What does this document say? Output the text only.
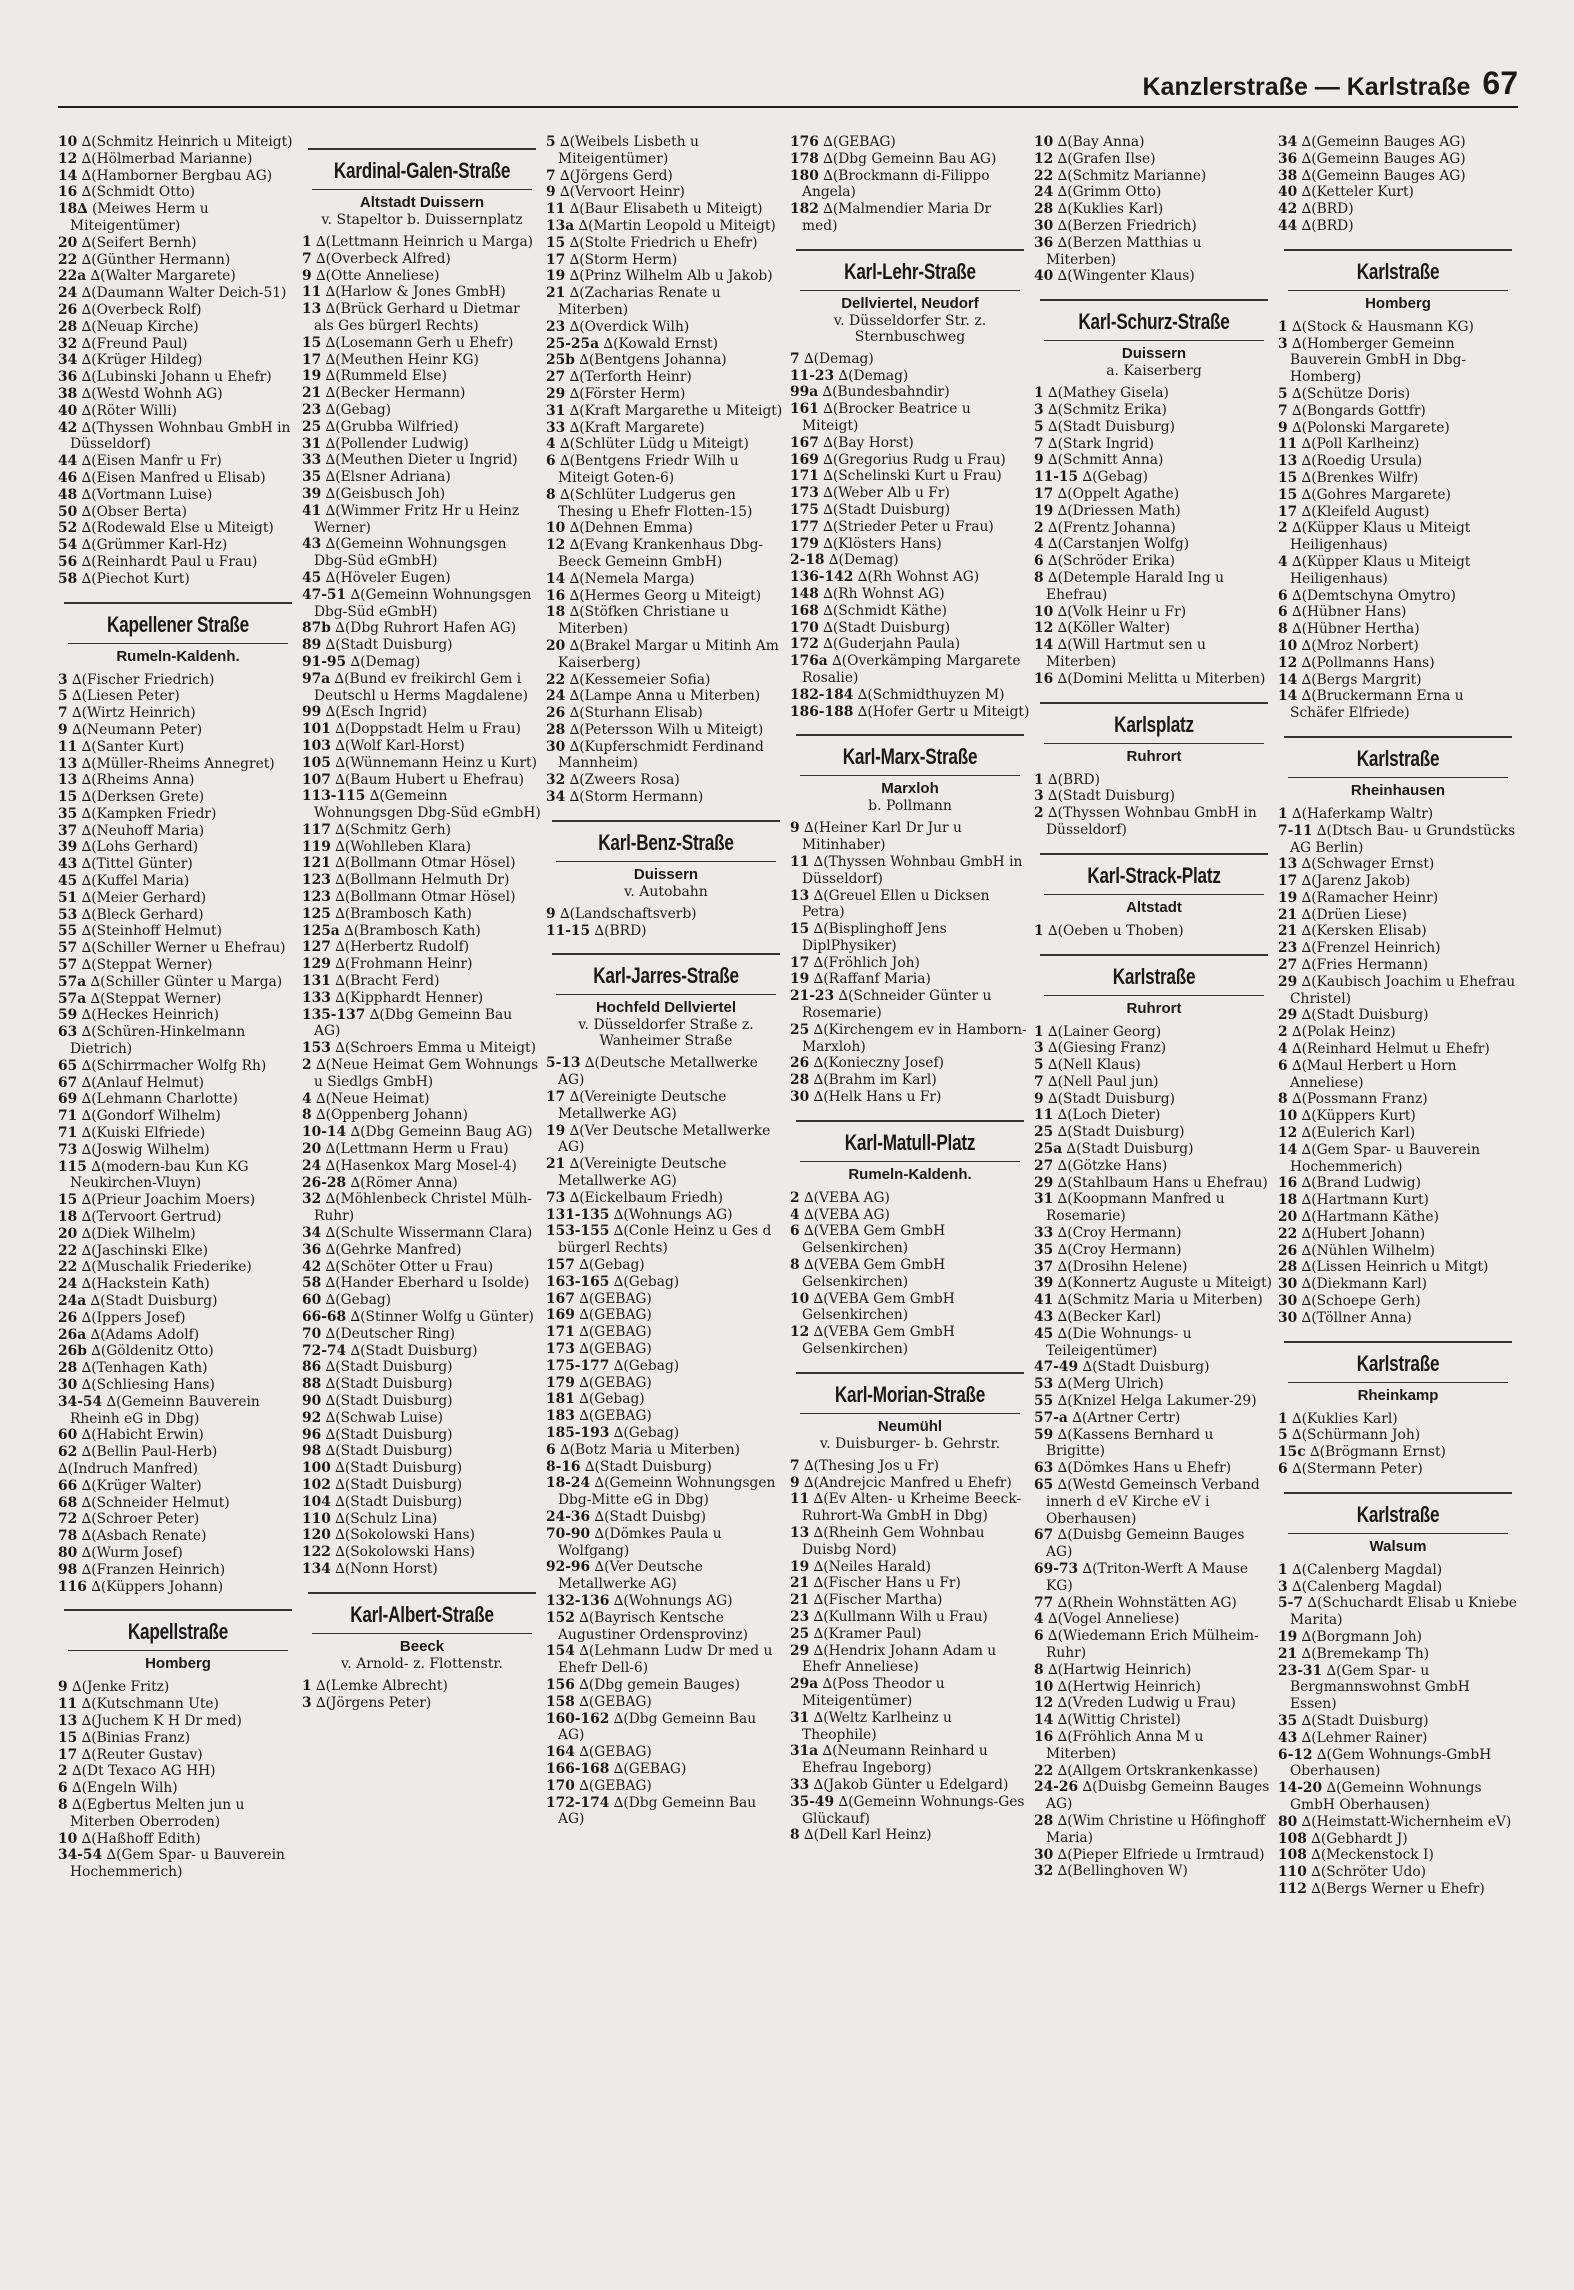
Kanzlerstraße — Karlstraße 67
10 ∆(Schmitz Heinrich u Miteigt)
12 ∆(Hölmerbad Marianne)
14 ∆(Hamborner Bergbau AG)
16 ∆(Schmidt Otto)
18∆ (Meiwes Herm u Miteigentümer)
20 ∆(Seifert Bernh)
22 ∆(Günther Hermann)
22a ∆(Walter Margarete)
24 ∆(Daumann Walter Deich-51)
26 ∆(Overbeck Rolf)
28 ∆(Neuap Kirche)
32 ∆(Freund Paul)
34 ∆(Krüger Hildeg)
36 ∆(Lubinski Johann u Ehefr)
38 ∆(Westd Wohnh AG)
40 ∆(Röter Willi)
42 ∆(Thyssen Wohnbau GmbH in Düsseldorf)
44 ∆(Eisen Manfr u Fr)
46 ∆(Eisen Manfred u Elisab)
48 ∆(Vortmann Luise)
50 ∆(Obser Berta)
52 ∆(Rodewald Else u Miteigt)
54 ∆(Grümmer Karl-Hz)
56 ∆(Reinhardt Paul u Frau)
58 ∆(Piechot Kurt)
Kapellener Straße
Rumeln-Kaldenh.
3 ∆(Fischer Friedrich)
5 ∆(Liesen Peter)
7 ∆(Wirtz Heinrich)
9 ∆(Neumann Peter)
11 ∆(Santer Kurt)
13 ∆(Müller-Rheims Annegret)
13 ∆(Rheims Anna)
15 ∆(Derksen Grete)
35 ∆(Kampken Friedr)
37 ∆(Neuhoff Maria)
39 ∆(Lohs Gerhard)
43 ∆(Tittel Günter)
45 ∆(Kuffel Maria)
51 ∆(Meier Gerhard)
53 ∆(Bleck Gerhard)
55 ∆(Steinhoff Helmut)
57 ∆(Schiller Werner u Ehefrau)
57 ∆(Steppat Werner)
57a ∆(Schiller Günter u Marga)
57a ∆(Steppat Werner)
59 ∆(Heckes Heinrich)
63 ∆(Schüren-Hinkelmann Dietrich)
65 ∆(Schirrmacher Wolfg Rh)
67 ∆(Anlauf Helmut)
69 ∆(Lehmann Charlotte)
71 ∆(Gondorf Wilhelm)
71 ∆(Kuiski Elfriede)
73 ∆(Joswig Wilhelm)
115 ∆(modern-bau Kun KG Neukirchen-Vluyn)
15 ∆(Prieur Joachim Moers)
18 ∆(Tervoort Gertrud)
20 ∆(Diek Wilhelm)
22 ∆(Jaschinski Elke)
22 ∆(Muschalik Friederike)
24 ∆(Hackstein Kath)
24a ∆(Stadt Duisburg)
26 ∆(Ippers Josef)
26a ∆(Adams Adolf)
26b ∆(Göldenitz Otto)
28 ∆(Tenhagen Kath)
30 ∆(Schliesing Hans)
34-54 ∆(Gemeinn Bauverein Rheinh eG in Dbg)
60 ∆(Habicht Erwin)
62 ∆(Bellin Paul-Herb)
∆(Indruch Manfred)
66 ∆(Krüger Walter)
68 ∆(Schneider Helmut)
72 ∆(Schroer Peter)
78 ∆(Asbach Renate)
80 ∆(Wurm Josef)
98 ∆(Franzen Heinrich)
116 ∆(Küppers Johann)
Kapellstraße
Homberg
9 ∆(Jenke Fritz)
11 ∆(Kutschmann Ute)
13 ∆(Juchem K H Dr med)
15 ∆(Binias Franz)
17 ∆(Reuter Gustav)
2 ∆(Dt Texaco AG HH)
6 ∆(Engeln Wilh)
8 ∆(Egbertus Melten jun u Miterben Oberroden)
10 ∆(Haßhoff Edith)
34-54 ∆(Gem Spar- u Bauverein Hochemmerich)
Kardinal-Galen-Straße
Altstadt Duissern
v. Stapeltor b. Duissernplatz
1 ∆(Lettmann Heinrich u Marga)
7 ∆(Overbeck Alfred)
9 ∆(Otte Anneliese)
11 ∆(Harlow & Jones GmbH)
13 ∆(Brück Gerhard u Dietmar als Ges bürgerl Rechts)
15 ∆(Losemann Gerh u Ehefr)
17 ∆(Meuthen Heinr KG)
19 ∆(Rummeld Else)
21 ∆(Becker Hermann)
23 ∆(Gebag)
25 ∆(Grubba Wilfried)
31 ∆(Pollender Ludwig)
33 ∆(Meuthen Dieter u Ingrid)
35 ∆(Elsner Adriana)
39 ∆(Geisbusch Joh)
41 ∆(Wimmer Fritz Hr u Heinz Werner)
43 ∆(Gemeinn Wohnungsgen Dbg-Süd eGmbH)
45 ∆(Höveler Eugen)
47-51 ∆(Gemeinn Wohnungsgen Dbg-Süd eGmbH)
87b ∆(Dbg Ruhrort Hafen AG)
89 ∆(Stadt Duisburg)
91-95 ∆(Demag)
97a ∆(Bund ev freikirchl Gem i Deutschl u Herms Magdalene)
99 ∆(Esch Ingrid)
101 ∆(Doppstadt Helm u Frau)
103 ∆(Wolf Karl-Horst)
105 ∆(Wünnemann Heinz u Kurt)
107 ∆(Baum Hubert u Ehefrau)
113-115 ∆(Gemeinn Wohnungsgen Dbg-Süd eGmbH)
117 ∆(Schmitz Gerh)
119 ∆(Wohlleben Klara)
121 ∆(Bollmann Otmar Hösel)
123 ∆(Bollmann Helmuth Dr)
123 ∆(Bollmann Otmar Hösel)
125 ∆(Brambosch Kath)
125a ∆(Brambosch Kath)
127 ∆(Herbertz Rudolf)
129 ∆(Frohmann Heinr)
131 ∆(Bracht Ferd)
133 ∆(Kipphardt Henner)
135-137 ∆(Dbg Gemeinn Bau AG)
153 ∆(Schroers Emma u Miteigt)
2 ∆(Neue Heimat Gem Wohnungs u Siedlgs GmbH)
4 ∆(Neue Heimat)
8 ∆(Oppenberg Johann)
10-14 ∆(Dbg Gemeinn Baug AG)
20 ∆(Lettmann Herm u Frau)
24 ∆(Hasenkox Marg Mosel-4)
26-28 ∆(Römer Anna)
32 ∆(Möhlenbeck Christel Mülh-Ruhr)
34 ∆(Schulte Wissermann Clara)
36 ∆(Gehrke Manfred)
42 ∆(Schöter Otter u Frau)
58 ∆(Hander Eberhard u Isolde)
60 ∆(Gebag)
66-68 ∆(Stinner Wolfg u Günter)
70 ∆(Deutscher Ring)
72-74 ∆(Stadt Duisburg)
86 ∆(Stadt Duisburg)
88 ∆(Stadt Duisburg)
90 ∆(Stadt Duisburg)
92 ∆(Schwab Luise)
96 ∆(Stadt Duisburg)
98 ∆(Stadt Duisburg)
100 ∆(Stadt Duisburg)
102 ∆(Stadt Duisburg)
104 ∆(Stadt Duisburg)
110 ∆(Schulz Lina)
120 ∆(Sokolowski Hans)
122 ∆(Sokolowski Hans)
134 ∆(Nonn Horst)
Karl-Albert-Straße
Beeck
v. Arnold- z. Flottenstr.
1 ∆(Lemke Albrecht)
3 ∆(Jörgens Peter)
5 ∆(Weibels Lisbeth u Miteigentümer)
7 ∆(Jörgens Gerd)
9 ∆(Vervoort Heinr)
11 ∆(Baur Elisabeth u Miteigt)
13a ∆(Martin Leopold u Miteigt)
15 ∆(Stolte Friedrich u Ehefr)
17 ∆(Storm Herm)
19 ∆(Prinz Wilhelm Alb u Jakob)
21 ∆(Zacharias Renate u Miterben)
23 ∆(Overdick Wilh)
25-25a ∆(Kowald Ernst)
25b ∆(Bentgens Johanna)
27 ∆(Terforth Heinr)
29 ∆(Förster Herm)
31 ∆(Kraft Margarethe u Miteigt)
33 ∆(Kraft Margarete)
4 ∆(Schlüter Lüdg u Miteigt)
6 ∆(Bentgens Friedr Wilh u Miteigt Goten-6)
8 ∆(Schlüter Ludgerus gen Thesing u Ehefr Flotten-15)
10 ∆(Dehnen Emma)
12 ∆(Evang Krankenhaus Dbg-Beeck Gemeinn GmbH)
14 ∆(Nemela Marga)
16 ∆(Hermes Georg u Miteigt)
18 ∆(Stöfken Christiane u Miterben)
20 ∆(Brakel Margar u Mitinh Am Kaiserberg)
22 ∆(Kessemeier Sofia)
24 ∆(Lampe Anna u Miterben)
26 ∆(Sturhann Elisab)
28 ∆(Petersson Wilh u Miteigt)
30 ∆(Kupferschmidt Ferdinand Mannheim)
32 ∆(Zweers Rosa)
34 ∆(Storm Hermann)
Karl-Benz-Straße
Duissern
v. Autobahn
9 ∆(Landschaftsverb)
11-15 ∆(BRD)
Karl-Jarres-Straße
Hochfeld Dellviertel
v. Düsseldorfer Straße z. Wanheimer Straße
5-13 ∆(Deutsche Metallwerke AG)
17 ∆(Vereinigte Deutsche Metallwerke AG)
19 ∆(Ver Deutsche Metallwerke AG)
21 ∆(Vereinigte Deutsche Metallwerke AG)
73 ∆(Eickelbaum Friedh)
131-135 ∆(Wohnungs AG)
153-155 ∆(Conle Heinz u Ges d bürgerl Rechts)
157 ∆(Gebag)
163-165 ∆(Gebag)
167 ∆(GEBAG)
169 ∆(GEBAG)
171 ∆(GEBAG)
173 ∆(GEBAG)
175-177 ∆(Gebag)
179 ∆(GEBAG)
181 ∆(Gebag)
183 ∆(GEBAG)
185-193 ∆(Gebag)
6 ∆(Botz Maria u Miterben)
8-16 ∆(Stadt Duisburg)
18-24 ∆(Gemeinn Wohnungsgen Dbg-Mitte eG in Dbg)
24-36 ∆(Stadt Duisbg)
70-90 ∆(Dömkes Paula u Wolfgang)
92-96 ∆(Ver Deutsche Metallwerke AG)
132-136 ∆(Wohnungs AG)
152 ∆(Bayrisch Kentsche Augustiner Ordensprovinz)
154 ∆(Lehmann Ludw Dr med u Ehefr Dell-6)
156 ∆(Dbg gemein Bauges)
158 ∆(GEBAG)
160-162 ∆(Dbg Gemeinn Bau AG)
164 ∆(GEBAG)
166-168 ∆(GEBAG)
170 ∆(GEBAG)
172-174 ∆(Dbg Gemeinn Bau AG)
176 ∆(GEBAG)
178 ∆(Dbg Gemeinn Bau AG)
180 ∆(Brockmann di-Filippo Angela)
182 ∆(Malmendier Maria Dr med)
Karl-Lehr-Straße
Dellviertel, Neudorf
v. Düsseldorfer Str. z. Sternbuschweg
7 ∆(Demag)
11-23 ∆(Demag)
99a ∆(Bundesbahndir)
161 ∆(Brocker Beatrice u Miteigt)
167 ∆(Bay Horst)
169 ∆(Gregorius Rudg u Frau)
171 ∆(Schelinski Kurt u Frau)
173 ∆(Weber Alb u Fr)
175 ∆(Stadt Duisburg)
177 ∆(Strieder Peter u Frau)
179 ∆(Klösters Hans)
2-18 ∆(Demag)
136-142 ∆(Rh Wohnst AG)
148 ∆(Rh Wohnst AG)
168 ∆(Schmidt Käthe)
170 ∆(Stadt Duisburg)
172 ∆(Guderjahn Paula)
176a ∆(Overkämping Margarete Rosalie)
182-184 ∆(Schmidthuyzen M)
186-188 ∆(Hofer Gertr u Miteigt)
Karl-Marx-Straße
Marxloh
b. Pollmann
9 ∆(Heiner Karl Dr Jur u Mitinhaber)
11 ∆(Thyssen Wohnbau GmbH in Düsseldorf)
13 ∆(Greuel Ellen u Dicksen Petra)
15 ∆(Bisplinghoff Jens DiplPhysiker)
17 ∆(Fröhlich Joh)
19 ∆(Raffanf Maria)
21-23 ∆(Schneider Günter u Rosemarie)
25 ∆(Kirchengem ev in Hamborn-Marxloh)
26 ∆(Konieczny Josef)
28 ∆(Brahm im Karl)
30 ∆(Helk Hans u Fr)
Karl-Matull-Platz
Rumeln-Kaldenh.
2 ∆(VEBA AG)
4 ∆(VEBA AG)
6 ∆(VEBA Gem GmbH Gelsenkirchen)
8 ∆(VEBA Gem GmbH Gelsenkirchen)
10 ∆(VEBA Gem GmbH Gelsenkirchen)
12 ∆(VEBA Gem GmbH Gelsenkirchen)
Karl-Morian-Straße
Neumühl
v. Duisburger- b. Gehrstr.
7 ∆(Thesing Jos u Fr)
9 ∆(Andrejcic Manfred u Ehefr)
11 ∆(Ev Alten- u Krheime Beeck-Ruhrort-Wa GmbH in Dbg)
13 ∆(Rheinh Gem Wohnbau Duisbg Nord)
19 ∆(Neiles Harald)
21 ∆(Fischer Hans u Fr)
21 ∆(Fischer Martha)
23 ∆(Kullmann Wilh u Frau)
25 ∆(Kramer Paul)
29 ∆(Hendrix Johann Adam u Ehefr Anneliese)
29a ∆(Poss Theodor u Miteigentümer)
31 ∆(Weltz Karlheinz u Theophile)
31a ∆(Neumann Reinhard u Ehefrau Ingeborg)
33 ∆(Jakob Günter u Edelgard)
35-49 ∆(Gemeinn Wohnungs-Ges Glückauf)
8 ∆(Dell Karl Heinz)
10 ∆(Bay Anna)
12 ∆(Grafen Ilse)
22 ∆(Schmitz Marianne)
24 ∆(Grimm Otto)
28 ∆(Kuklies Karl)
30 ∆(Berzen Friedrich)
36 ∆(Berzen Matthias u Miterben)
40 ∆(Wingenter Klaus)
Karl-Schurz-Straße
Duissern
a. Kaiserberg
1 ∆(Mathey Gisela)
3 ∆(Schmitz Erika)
5 ∆(Stadt Duisburg)
7 ∆(Stark Ingrid)
9 ∆(Schmitt Anna)
11-15 ∆(Gebag)
17 ∆(Oppelt Agathe)
19 ∆(Driessen Math)
2 ∆(Frentz Johanna)
4 ∆(Carstanjen Wolfg)
6 ∆(Schröder Erika)
8 ∆(Detemple Harald Ing u Ehefrau)
10 ∆(Volk Heinr u Fr)
12 ∆(Köller Walter)
14 ∆(Will Hartmut sen u Miterben)
16 ∆(Domini Melitta u Miterben)
Karlsplatz
Ruhrort
1 ∆(BRD)
3 ∆(Stadt Duisburg)
2 ∆(Thyssen Wohnbau GmbH in Düsseldorf)
Karl-Strack-Platz
Altstadt
1 ∆(Oeben u Thoben)
Karlstraße
Ruhrort
1 ∆(Lainer Georg)
3 ∆(Giesing Franz)
5 ∆(Nell Klaus)
7 ∆(Nell Paul jun)
9 ∆(Stadt Duisburg)
11 ∆(Loch Dieter)
25 ∆(Stadt Duisburg)
25a ∆(Stadt Duisburg)
27 ∆(Götzke Hans)
29 ∆(Stahlbaum Hans u Ehefrau)
31 ∆(Koopmann Manfred u Rosemarie)
33 ∆(Croy Hermann)
35 ∆(Croy Hermann)
37 ∆(Drosihn Helene)
39 ∆(Konnertz Auguste u Miteigt)
41 ∆(Schmitz Maria u Miterben)
43 ∆(Becker Karl)
45 ∆(Die Wohnungs- u Teileigentümer)
47-49 ∆(Stadt Duisburg)
53 ∆(Merg Ulrich)
55 ∆(Knizel Helga Lakumer-29)
57-a ∆(Artner Certr)
59 ∆(Kassens Bernhard u Brigitte)
63 ∆(Dömkes Hans u Ehefr)
65 ∆(Westd Gemeinsch Verband innerh d eV Kirche eV i Oberhausen)
67 ∆(Duisbg Gemeinn Bauges AG)
69-73 ∆(Triton-Werft A Mause KG)
77 ∆(Rhein Wohnstätten AG)
4 ∆(Vogel Anneliese)
6 ∆(Wiedemann Erich Mülheim-Ruhr)
8 ∆(Hartwig Heinrich)
10 ∆(Hertwig Heinrich)
12 ∆(Vreden Ludwig u Frau)
14 ∆(Wittig Christel)
16 ∆(Fröhlich Anna M u Miterben)
22 ∆(Allgem Ortskrankenkasse)
24-26 ∆(Duisbg Gemeinn Bauges AG)
28 ∆(Wim Christine u Höfinghoff Maria)
30 ∆(Pieper Elfriede u Irmtraud)
32 ∆(Bellinghoven W)
34 ∆(Gemeinn Bauges AG)
36 ∆(Gemeinn Bauges AG)
38 ∆(Gemeinn Bauges AG)
40 ∆(Ketteler Kurt)
42 ∆(BRD)
44 ∆(BRD)
Karlstraße
Homberg
1 ∆(Stock & Hausmann KG)
3 ∆(Homberger Gemeinn Bauverein GmbH in Dbg-Homberg)
5 ∆(Schütze Doris)
7 ∆(Bongards Gottfr)
9 ∆(Polonski Margarete)
11 ∆(Poll Karlheinz)
13 ∆(Roedig Ursula)
15 ∆(Brenkes Wilfr)
15 ∆(Gohres Margarete)
17 ∆(Kleifeld August)
2 ∆(Küpper Klaus u Miteigt Heiligenhaus)
4 ∆(Küpper Klaus u Miteigt Heiligenhaus)
6 ∆(Demtschyna Omytro)
6 ∆(Hübner Hans)
8 ∆(Hübner Hertha)
10 ∆(Mroz Norbert)
12 ∆(Pollmanns Hans)
14 ∆(Bergs Margrit)
14 ∆(Bruckermann Erna u Schäfer Elfriede)
Karlstraße
Rheinhausen
1 ∆(Haferkamp Waltr)
7-11 ∆(Dtsch Bau- u Grundstücks AG Berlin)
13 ∆(Schwager Ernst)
17 ∆(Jarenz Jakob)
19 ∆(Ramacher Heinr)
21 ∆(Drüen Liese)
21 ∆(Kersken Elisab)
23 ∆(Frenzel Heinrich)
27 ∆(Fries Hermann)
29 ∆(Kaubisch Joachim u Ehefrau Christel)
29 ∆(Stadt Duisburg)
2 ∆(Polak Heinz)
4 ∆(Reinhard Helmut u Ehefr)
6 ∆(Maul Herbert u Horn Anneliese)
8 ∆(Possmann Franz)
10 ∆(Küppers Kurt)
12 ∆(Eulerich Karl)
14 ∆(Gem Spar- u Bauverein Hochemmerich)
16 ∆(Brand Ludwig)
18 ∆(Hartmann Kurt)
20 ∆(Hartmann Käthe)
22 ∆(Hubert Johann)
26 ∆(Nühlen Wilhelm)
28 ∆(Lissen Heinrich u Mitgt)
30 ∆(Diekmann Karl)
30 ∆(Schoepe Gerh)
30 ∆(Töllner Anna)
Karlstraße
Rheinkamp
1 ∆(Kuklies Karl)
5 ∆(Schürmann Joh)
15c ∆(Brögmann Ernst)
6 ∆(Stermann Peter)
Karlstraße
Walsum
1 ∆(Calenberg Magdal)
3 ∆(Calenberg Magdal)
5-7 ∆(Schuchardt Elisab u Kniebe Marita)
19 ∆(Borgmann Joh)
21 ∆(Bremekamp Th)
23-31 ∆(Gem Spar- u Bergmannswohnst GmbH Essen)
35 ∆(Stadt Duisburg)
43 ∆(Lehmer Rainer)
6-12 ∆(Gem Wohnungs-GmbH Oberhausen)
14-20 ∆(Gemeinn Wohnungs GmbH Oberhausen)
80 ∆(Heimstatt-Wichernheim eV)
108 ∆(Gebhardt J)
108 ∆(Meckenstock I)
110 ∆(Schröter Udo)
112 ∆(Bergs Werner u Ehefr)
